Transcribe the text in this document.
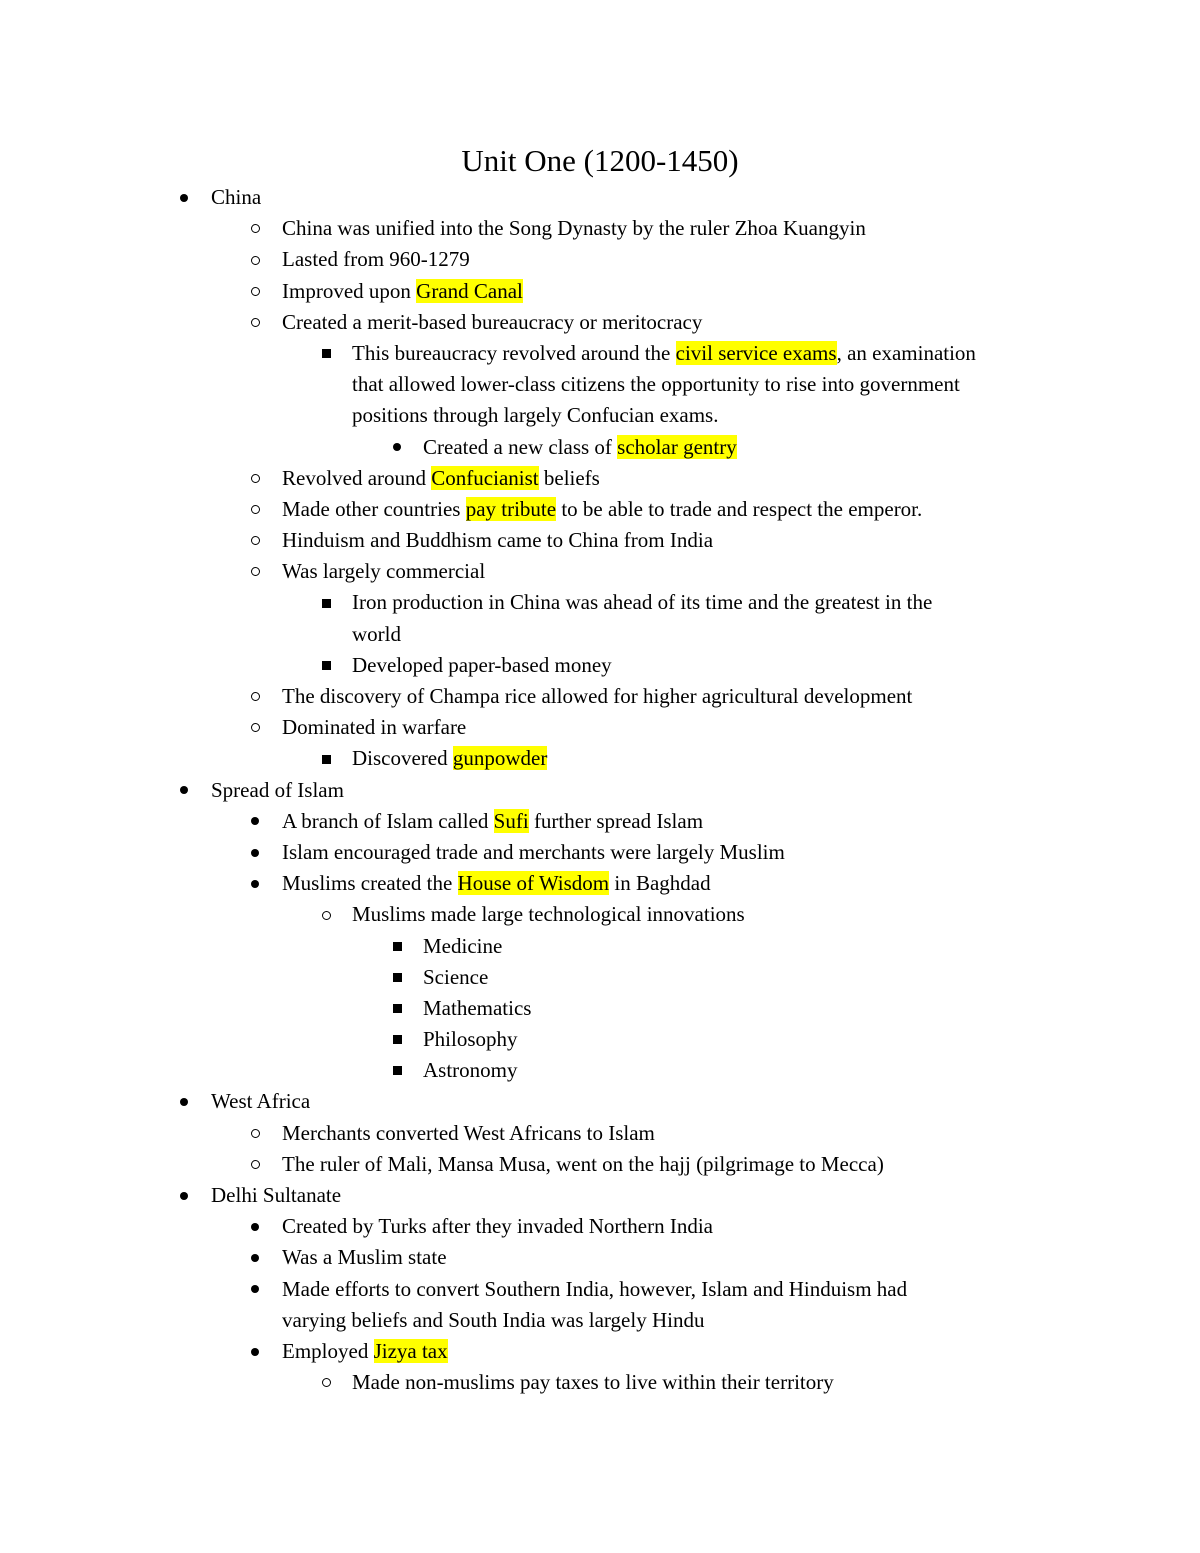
Unit One (1200-1450)
China
China was unified into the Song Dynasty by the ruler Zhoa Kuangyin
Lasted from 960-1279
Improved upon Grand Canal
Created a merit-based bureaucracy or meritocracy
This bureaucracy revolved around the civil service exams, an examination
that allowed lower-class citizens the opportunity to rise into government
positions through largely Confucian exams.
Created a new class of scholar gentry
Revolved around Confucianist beliefs
Made other countries pay tribute to be able to trade and respect the emperor.
Hinduism and Buddhism came to China from India
Was largely commercial
Iron production in China was ahead of its time and the greatest in the
world
Developed paper-based money
The discovery of Champa rice allowed for higher agricultural development
Dominated in warfare
Discovered gunpowder
Spread of Islam
A branch of Islam called Sufi further spread Islam
Islam encouraged trade and merchants were largely Muslim
Muslims created the House of Wisdom in Baghdad
Muslims made large technological innovations
Medicine
Science
Mathematics
Philosophy
Astronomy
West Africa
Merchants converted West Africans to Islam
The ruler of Mali, Mansa Musa, went on the hajj (pilgrimage to Mecca)
Delhi Sultanate
Created by Turks after they invaded Northern India
Was a Muslim state
Made efforts to convert Southern India, however, Islam and Hinduism had
varying beliefs and South India was largely Hindu
Employed Jizya tax
Made non-muslims pay taxes to live within their territory
